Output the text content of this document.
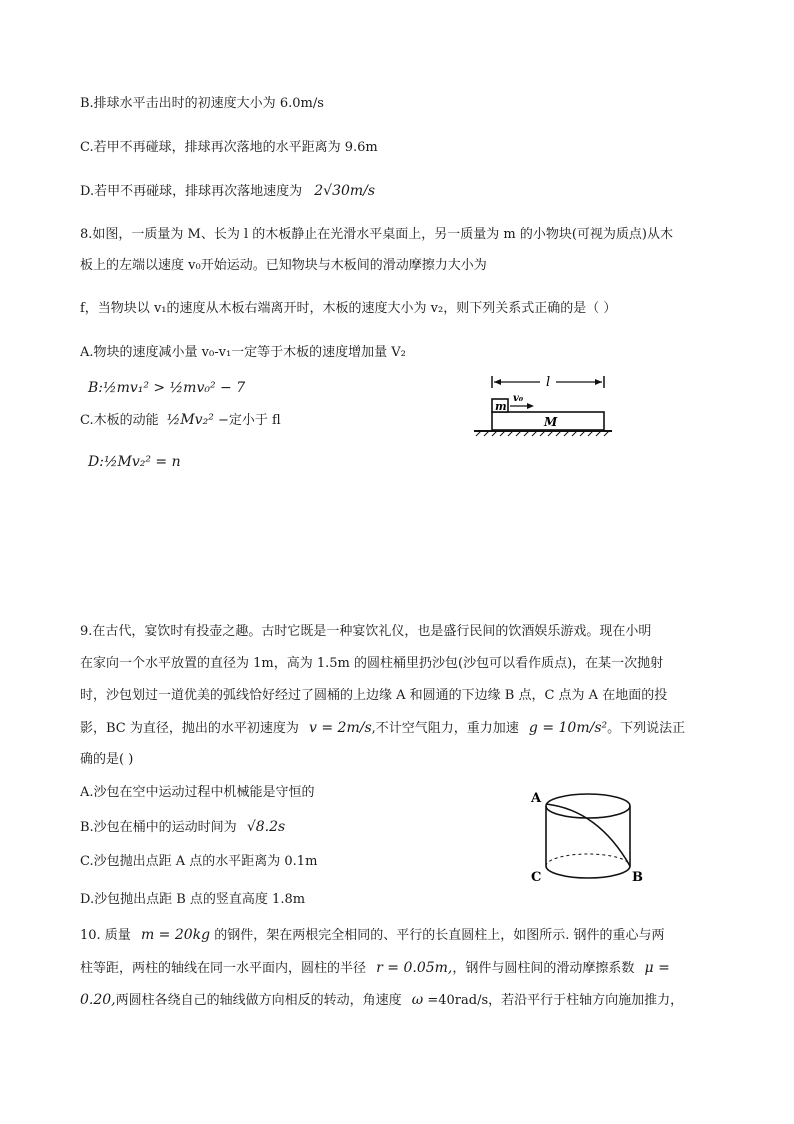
B.排球水平击出时的初速度大小为 6.0m/s
C.若甲不再碰球，排球再次落地的水平距离为 9.6m
D.若甲不再碰球，排球再次落地速度为 2√30m/s
8.如图，一质量为 M、长为 l 的木板静止在光滑水平桌面上，另一质量为 m 的小物块(可视为质点)从木
板上的左端以速度 v₀开始运动。已知物块与木板间的滑动摩擦力大小为
f，当物块以 v₁的速度从木板右端离开时，木板的速度大小为 v₂，则下列关系式正确的是（ ）
A.物块的速度减小量 v₀-v₁一定等于木板的速度增加量 V₂
B:½mv₁² > ½mv₀² − 7
C.木板的动能 ½Mv₂² −定小于 fl
D:½Mv₂² = n
l
M
m
v₀
9.在古代，宴饮时有投壶之趣。古时它既是一种宴饮礼仪，也是盛行民间的饮酒娱乐游戏。现在小明
在家向一个水平放置的直径为 1m，高为 1.5m 的圆柱桶里扔沙包(沙包可以看作质点)，在某一次抛射
时，沙包划过一道优美的弧线恰好经过了圆桶的上边缘 A 和圆通的下边缘 B 点，C 点为 A 在地面的投
影，BC 为直径，抛出的水平初速度为 v = 2m/s,不计空气阻力，重力加速 g = 10m/s²。下列说法正
确的是( )
A.沙包在空中运动过程中机械能是守恒的
B.沙包在桶中的运动时间为 √8.2s
C.沙包抛出点距 A 点的水平距离为 0.1m
D.沙包抛出点距 B 点的竖直高度 1.8m
A
C	B
10. 质量 m = 20kg 的钢件，架在两根完全相同的、平行的长直圆柱上，如图所示. 钢件的重心与两
柱等距，两柱的轴线在同一水平面内，圆柱的半径 r = 0.05m,，钢件与圆柱间的滑动摩擦系数 μ =
0.20,两圆柱各绕自己的轴线做方向相反的转动，角速度 ω =40rad/s，若沿平行于柱轴方向施加推力，
